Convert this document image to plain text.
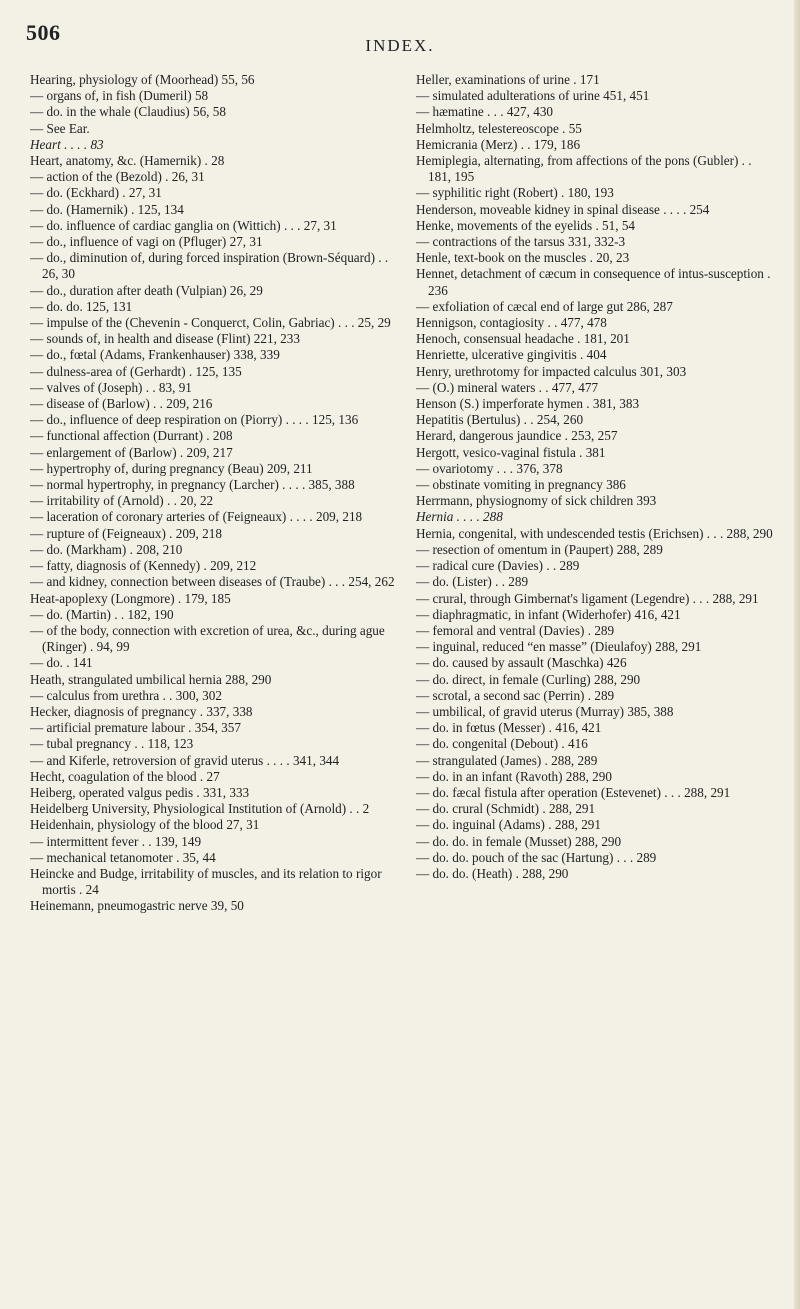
506
INDEX.

Hearing, physiology of (Moorhead) 55, 56

— organs of, in fish (Dumeril) 58

— do. in the whale (Claudius) 56, 58

— See Ear.

Heart . . . . 83

Heart, anatomy, &c. (Hamernik) . 28

— action of the (Bezold) . 26, 31

— do. (Eckhard) . 27, 31

— do. (Hamernik) . 125, 134

— do. influence of cardiac ganglia on (Wittich) . . . 27, 31

— do., influence of vagi on (Pfluger) 27, 31

— do., diminution of, during forced inspiration (Brown-Séquard) . . 26, 30

— do., duration after death (Vulpian) 26, 29

— do. do. 125, 131

— impulse of the (Chevenin - Conquerct, Colin, Gabriac) . . . 25, 29

— sounds of, in health and disease (Flint) 221, 233

— do., fœtal (Adams, Frankenhauser) 338, 339

— dulness-area of (Gerhardt) . 125, 135

— valves of (Joseph) . . 83, 91

— disease of (Barlow) . . 209, 216

— do., influence of deep respiration on (Piorry) . . . . 125, 136

— functional affection (Durrant) . 208

— enlargement of (Barlow) . 209, 217

— hypertrophy of, during pregnancy (Beau) 209, 211

— normal hypertrophy, in pregnancy (Larcher) . . . . 385, 388

— irritability of (Arnold) . . 20, 22

— laceration of coronary arteries of (Feigneaux) . . . . 209, 218

— rupture of (Feigneaux) . 209, 218

— do. (Markham) . 208, 210

— fatty, diagnosis of (Kennedy) . 209, 212

— and kidney, connection between diseases of (Traube) . . . 254, 262

Heat-apoplexy (Longmore) . 179, 185

— do. (Martin) . . 182, 190

— of the body, connection with excretion of urea, &c., during ague (Ringer) . 94, 99

— do. . 141

Heath, strangulated umbilical hernia 288, 290

— calculus from urethra . . 300, 302

Hecker, diagnosis of pregnancy . 337, 338

— artificial premature labour . 354, 357

— tubal pregnancy . . 118, 123

— and Kiferle, retroversion of gravid uterus . . . . 341, 344

Hecht, coagulation of the blood . 27

Heiberg, operated valgus pedis . 331, 333

Heidelberg University, Physiological Institution of (Arnold) . . 2

Heidenhain, physiology of the blood 27, 31

— intermittent fever . . 139, 149

— mechanical tetanomoter . 35, 44

Heincke and Budge, irritability of muscles, and its relation to rigor mortis . 24

Heinemann, pneumogastric nerve 39, 50

Heller, examinations of urine . 171

— simulated adulterations of urine 451, 451

— hæmatine . . . 427, 430

Helmholtz, telestereoscope . 55

Hemicrania (Merz) . . 179, 186

Hemiplegia, alternating, from affections of the pons (Gubler) . . 181, 195

— syphilitic right (Robert) . 180, 193

Henderson, moveable kidney in spinal disease . . . . 254

Henke, movements of the eyelids . 51, 54

— contractions of the tarsus 331, 332-3

Henle, text-book on the muscles . 20, 23

Hennet, detachment of cæcum in consequence of intus-susception . 236

— exfoliation of cæcal end of large gut 286, 287

Hennigson, contagiosity . . 477, 478

Henoch, consensual headache . 181, 201

Henriette, ulcerative gingivitis . 404

Henry, urethrotomy for impacted calculus 301, 303

— (O.) mineral waters . . 477, 477

Henson (S.) imperforate hymen . 381, 383

Hepatitis (Bertulus) . . 254, 260

Herard, dangerous jaundice . 253, 257

Hergott, vesico-vaginal fistula . 381

— ovariotomy . . . 376, 378

— obstinate vomiting in pregnancy 386

Herrmann, physiognomy of sick children 393

Hernia . . . . 288

Hernia, congenital, with undescended testis (Erichsen) . . . 288, 290

— resection of omentum in (Paupert) 288, 289

— radical cure (Davies) . . 289

— do. (Lister) . . 289

— crural, through Gimbernat's ligament (Legendre) . . . 288, 291

— diaphragmatic, in infant (Widerhofer) 416, 421

— femoral and ventral (Davies) . 289

— inguinal, reduced “en masse” (Dieulafoy) 288, 291

— do. caused by assault (Maschka) 426

— do. direct, in female (Curling) 288, 290

— scrotal, a second sac (Perrin) . 289

— umbilical, of gravid uterus (Murray) 385, 388

— do. in fœtus (Messer) . 416, 421

— do. congenital (Debout) . 416

— strangulated (James) . 288, 289

— do. in an infant (Ravoth) 288, 290

— do. fæcal fistula after operation (Estevenet) . . . 288, 291

— do. crural (Schmidt) . 288, 291

— do. inguinal (Adams) . 288, 291

— do. do. in female (Musset) 288, 290

— do. do. pouch of the sac (Hartung) . . . 289

— do. do. (Heath) . 288, 290
